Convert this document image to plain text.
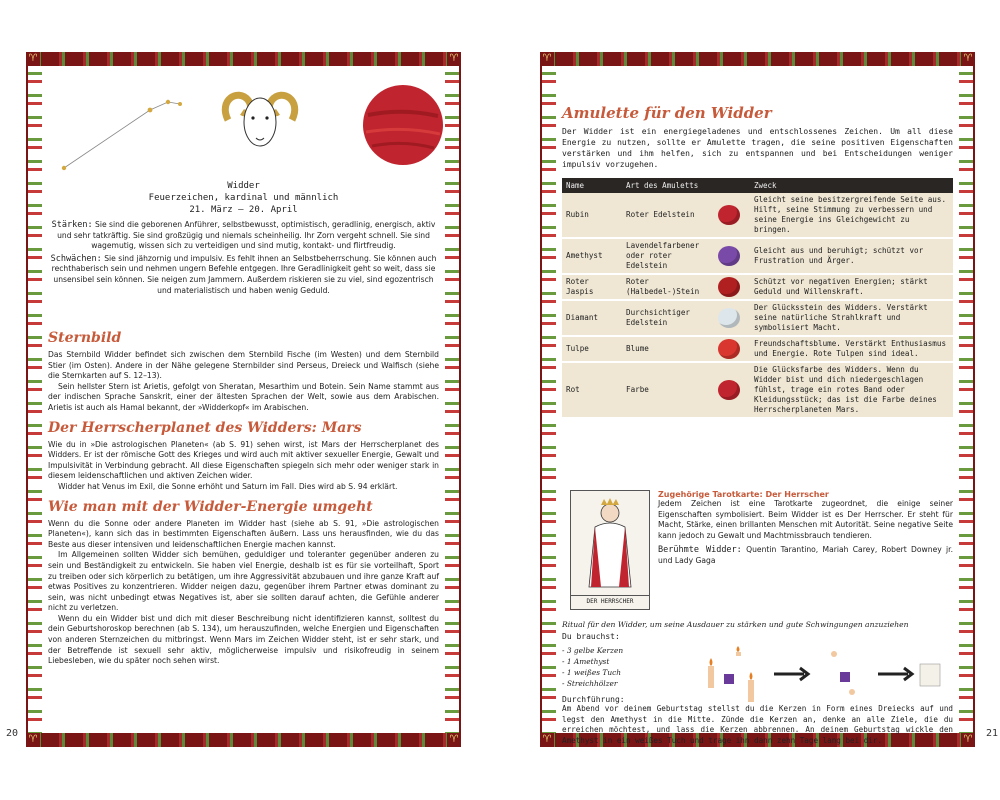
♈	♈
♈	♈
Widder
Feuerzeichen, kardinal und männlich
21. März – 20. April

Stärken: Sie sind die geborenen Anführer, selbstbewusst, optimistisch, geradlinig, energisch, aktiv und sehr tatkräftig. Sie sind großzügig und niemals scheinheilig. Ihr Zorn vergeht schnell. Sie sind wagemutig, wissen sich zu verteidigen und sind mutig, kontakt- und flirtfreudig.

Schwächen: Sie sind jähzornig und impulsiv. Es fehlt ihnen an Selbstbeherrschung. Sie können auch rechthaberisch sein und nehmen ungern Befehle entgegen. Ihre Geradlinigkeit geht so weit, dass sie unsensibel sein können. Sie neigen zum Jammern. Außerdem riskieren sie zu viel, sind egozentrisch und materialistisch und haben wenig Geduld.

Sternbild

Das Sternbild Widder befindet sich zwischen dem Sternbild Fische (im Westen) und dem Sternbild Stier (im Osten). Andere in der Nähe gelegene Sternbilder sind Perseus, Dreieck und Walfisch (siehe die Sternkarten auf S. 12–13).

Sein hellster Stern ist Arietis, gefolgt von Sheratan, Mesarthim und Botein. Sein Name stammt aus der indischen Sprache Sanskrit, einer der ältesten Sprachen der Welt, sowie aus dem Arabischen. Arietis ist auch als Hamal bekannt, der »Widderkopf« im Arabischen.

Der Herrscherplanet des Widders: Mars

Wie du in »Die astrologischen Planeten« (ab S. 91) sehen wirst, ist Mars der Herrscherplanet des Widders. Er ist der römische Gott des Krieges und wird auch mit aktiver sexueller Energie, Gewalt und Impulsivität in Verbindung gebracht. All diese Eigenschaften spiegeln sich mehr oder weniger stark in diesem leidenschaftlichen und aktiven Zeichen wider.

Widder hat Venus im Exil, die Sonne erhöht und Saturn im Fall. Dies wird ab S. 94 erklärt.

Wie man mit der Widder-Energie umgeht

Wenn du die Sonne oder andere Planeten im Widder hast (siehe ab S. 91, »Die astrologischen Planeten«), kann sich das in bestimmten Eigenschaften äußern. Lass uns herausfinden, wie du das Beste aus dieser intensiven und leidenschaftlichen Energie machen kannst.

Im Allgemeinen sollten Widder sich bemühen, geduldiger und toleranter gegenüber anderen zu sein und Beständigkeit zu entwickeln. Sie haben viel Energie, deshalb ist es für sie vorteilhaft, Sport zu treiben oder sich körperlich zu betätigen, um ihre Aggressivität abzubauen und ihre ganze Kraft auf etwas Positives zu konzentrieren. Widder neigen dazu, gegenüber ihrem Partner etwas dominant zu sein, was nicht unbedingt etwas Negatives ist, aber sie sollten darauf achten, die Gefühle anderer nicht zu verletzen.

Wenn du ein Widder bist und dich mit dieser Beschreibung nicht identifizieren kannst, solltest du dein Geburtshoroskop berechnen (ab S. 134), um herauszufinden, welche Energien und Eigenschaften von anderen Sternzeichen du mitbringst. Wenn Mars im Zeichen Widder steht, ist er sehr stark, und der Betreffende ist sexuell sehr aktiv, möglicherweise impulsiv und risikofreudig in seinem Liebesleben, wie du später noch sehen wirst.

20
♈	♈
♈	♈
Amulette für den Widder

Der Widder ist ein energiegeladenes und entschlossenes Zeichen. Um all diese Energie zu nutzen, sollte er Amulette tragen, die seine positiven Eigenschaften verstärken und ihm helfen, sich zu entspannen und bei Entscheidungen weniger impulsiv vorzugehen.

Name	Art des Amuletts		Zweck
Rubin	Roter Edelstein		Gleicht seine besitzergreifende Seite aus. Hilft, seine Stimmung zu verbessern und seine Energie ins Gleichgewicht zu bringen.
Amethyst	Lavendelfarbener oder roter Edelstein		Gleicht aus und beruhigt; schützt vor Frustration und Ärger.
Roter Jaspis	Roter (Halbedel-)Stein		Schützt vor negativen Energien; stärkt Geduld und Willenskraft.
Diamant	Durchsichtiger Edelstein		Der Glücksstein des Widders. Verstärkt seine natürliche Strahlkraft und symbolisiert Macht.
Tulpe	Blume		Freundschaftsblume. Verstärkt Enthusiasmus und Energie. Rote Tulpen sind ideal.
Rot	Farbe		Die Glücksfarbe des Widders. Wenn du Widder bist und dich niedergeschlagen fühlst, trage ein rotes Band oder Kleidungsstück; das ist die Farbe deines Herrscherplaneten Mars.
DER HERRSCHER
Zugehörige Tarotkarte: Der Herrscher

Jedem Zeichen ist eine Tarotkarte zugeordnet, die einige seiner Eigenschaften symbolisiert. Beim Widder ist es Der Herrscher. Er steht für Macht, Stärke, einen brillanten Menschen mit Autorität. Seine negative Seite kann jedoch zu Gewalt und Machtmissbrauch tendieren.

Berühmte Widder: Quentin Tarantino, Mariah Carey, Robert Downey jr. und Lady Gaga

Ritual für den Widder, um seine Ausdauer zu stärken und gute Schwingungen anzuziehen
Du brauchst:
- 3 gelbe Kerzen
- 1 Amethyst
- 1 weißes Tuch
- Streichhölzer
Durchführung:

Am Abend vor deinem Geburtstag stellst du die Kerzen in Form eines Dreiecks auf und legst den Amethyst in die Mitte. Zünde die Kerzen an, denke an alle Ziele, die du erreichen möchtest, und lass die Kerzen abbrennen. An deinem Geburtstag wickle den Amethyst in ein weißes Tuch und trage ihn dann zehn Tage lang bei dir.

21
